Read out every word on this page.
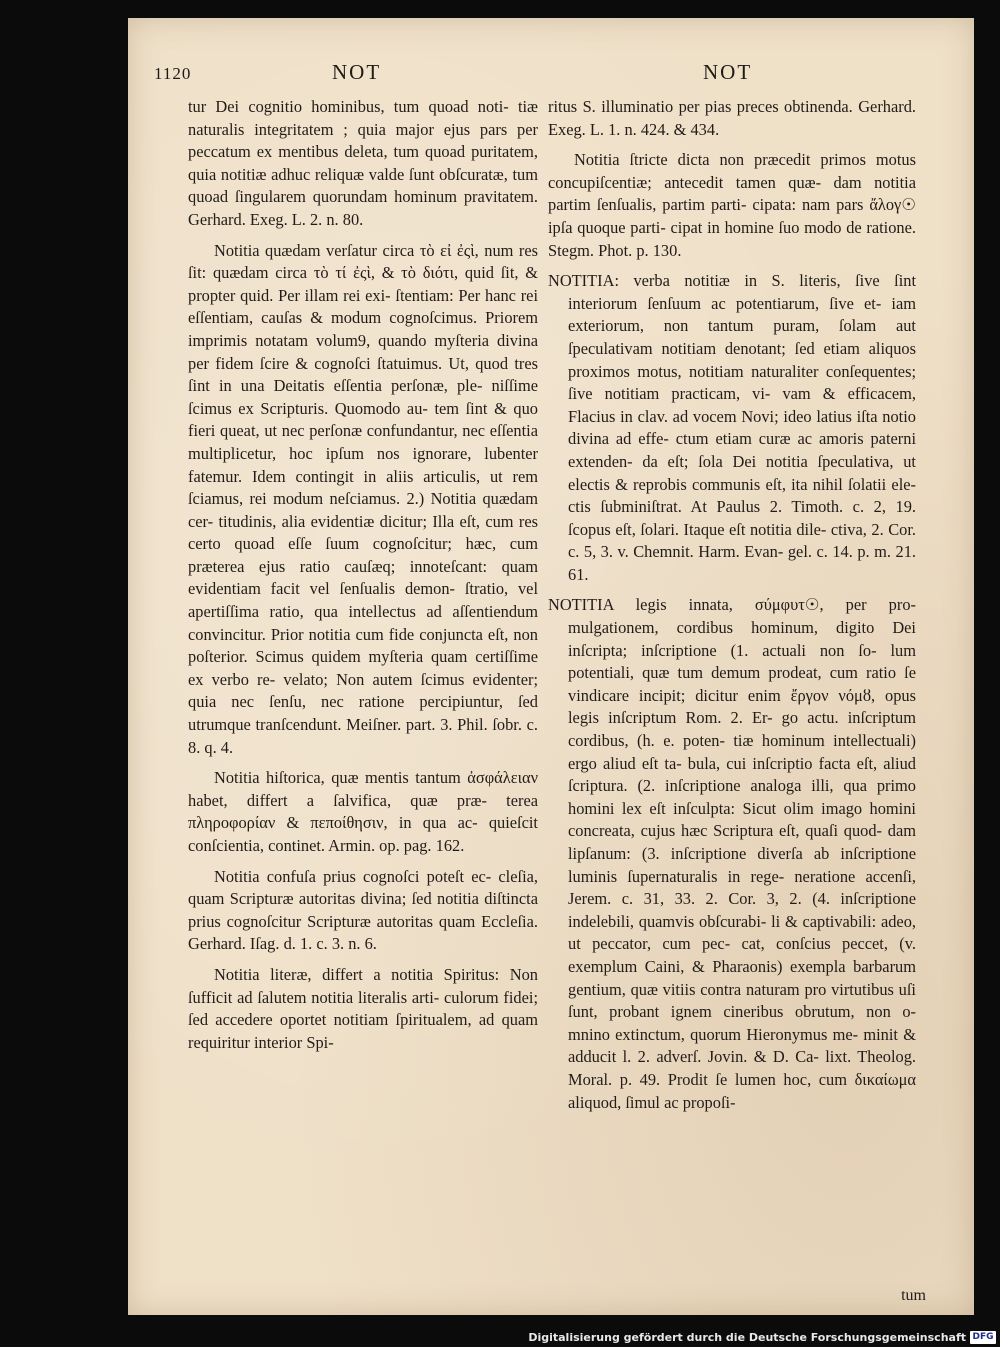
1120	NOT	NOT

tur Dei cognitio hominibus, tum quoad noti- tiæ naturalis integritatem ; quia major ejus pars per peccatum ex mentibus deleta, tum quoad puritatem, quia notitiæ adhuc reliquæ valde ſunt obſcuratæ, tum quoad ſingularem quorundam hominum pravitatem. Gerhard. Exeg. L. 2. n. 80.

Notitia quædam verſatur circa τὸ εἰ ἐςὶ, num res ſit: quædam circa τὸ τί ἐςὶ, & τὸ διότι, quid ſit, & propter quid. Per illam rei exi- ſtentiam: Per hanc rei eſſentiam, cauſas & modum cognoſcimus. Priorem imprimis notatam volum9, quando myſteria divina per fidem ſcire & cognoſci ſtatuimus. Ut, quod tres ſint in una Deitatis eſſentia perſonæ, ple- niſſime ſcimus ex Scripturis. Quomodo au- tem ſint & quo fieri queat, ut nec perſonæ confundantur, nec eſſentia multiplicetur, hoc ipſum nos ignorare, lubenter fatemur. Idem contingit in aliis articulis, ut rem ſciamus, rei modum neſciamus. 2.) Notitia quædam cer- titudinis, alia evidentiæ dicitur; Illa eſt, cum res certo quoad eſſe ſuum cognoſcitur; hæc, cum præterea ejus ratio cauſæq; innoteſcant: quam evidentiam facit vel ſenſualis demon- ſtratio, vel apertiſſima ratio, qua intellectus ad aſſentiendum convincitur. Prior notitia cum fide conjuncta eſt, non poſterior. Scimus quidem myſteria quam certiſſime ex verbo re- velato; Non autem ſcimus evidenter; quia nec ſenſu, nec ratione percipiuntur, ſed utrumque tranſcendunt. Meiſner. part. 3. Phil. ſobr. c. 8. q. 4.

Notitia hiſtorica, quæ mentis tantum ἀσφάλειαν habet, differt a ſalvifica, quæ præ- terea πληροφορίαν & πεποίθησιν, in qua ac- quieſcit conſcientia, continet. Armin. op. pag. 162.

Notitia confuſa prius cognoſci poteſt ec- cleſia, quam Scripturæ autoritas divina; ſed notitia diſtincta prius cognoſcitur Scripturæ autoritas quam Eccleſia. Gerhard. Iſag. d. 1. c. 3. n. 6.

Notitia literæ, differt a notitia Spiritus: Non ſufficit ad ſalutem notitia literalis arti- culorum fidei; ſed accedere oportet notitiam ſpiritualem, ad quam requiritur interior Spi-

ritus S. illuminatio per pias preces obtinenda. Gerhard. Exeg. L. 1. n. 424. & 434.

Notitia ſtricte dicta non præcedit primos motus concupiſcentiæ; antecedit tamen quæ- dam notitia partim ſenſualis, partim parti- cipata: nam pars ἄλογ☉ ipſa quoque parti- cipat in homine ſuo modo de ratione. Stegm. Phot. p. 130.

NOTITIA: verba notitiæ in S. literis, ſive ſint interiorum ſenſuum ac potentiarum, ſive et- iam exteriorum, non tantum puram, ſolam aut ſpeculativam notitiam denotant; ſed etiam aliquos proximos motus, notitiam naturaliter conſequentes; ſive notitiam practicam, vi- vam & efficacem, Flacius in clav. ad vocem Novi; ideo latius iſta notio divina ad effe- ctum etiam curæ ac amoris paterni extenden- da eſt; ſola Dei notitia ſpeculativa, ut electis & reprobis communis eſt, ita nihil ſolatii ele- ctis ſubminiſtrat. At Paulus 2. Timoth. c. 2, 19. ſcopus eſt, ſolari. Itaque eſt notitia dile- ctiva, 2. Cor. c. 5, 3. v. Chemnit. Harm. Evan- gel. c. 14. p. m. 21. 61.

NOTITIA legis innata, σύμφυτ☉, per pro- mulgationem, cordibus hominum, digito Dei inſcripta; inſcriptione (1. actuali non ſo- lum potentiali, quæ tum demum prodeat, cum ratio ſe vindicare incipit; dicitur enim ἔργον νόμȣ, opus legis inſcriptum Rom. 2. Er- go actu. inſcriptum cordibus, (h. e. poten- tiæ hominum intellectuali) ergo aliud eſt ta- bula, cui inſcriptio facta eſt, aliud ſcriptura. (2. inſcriptione analoga illi, qua primo homini lex eſt inſculpta: Sicut olim imago homini concreata, cujus hæc Scriptura eſt, quaſi quod- dam lipſanum: (3. inſcriptione diverſa ab inſcriptione luminis ſupernaturalis in rege- neratione accenſi, Jerem. c. 31, 33. 2. Cor. 3, 2. (4. inſcriptione indelebili, quamvis obſcurabi- li & captivabili: adeo, ut peccator, cum pec- cat, conſcius peccet, (v. exemplum Caini, & Pharaonis) exempla barbarum gentium, quæ vitiis contra naturam pro virtutibus uſi ſunt, probant ignem cineribus obrutum, non o- mnino extinctum, quorum Hieronymus me- minit & adducit l. 2. adverſ. Jovin. & D. Ca- lixt. Theolog. Moral. p. 49. Prodit ſe lumen hoc, cum δικαίωμα aliquod, ſimul ac propoſi-

tum
Digitalisierung gefördert durch die Deutsche Forschungsgemeinschaft DFG
